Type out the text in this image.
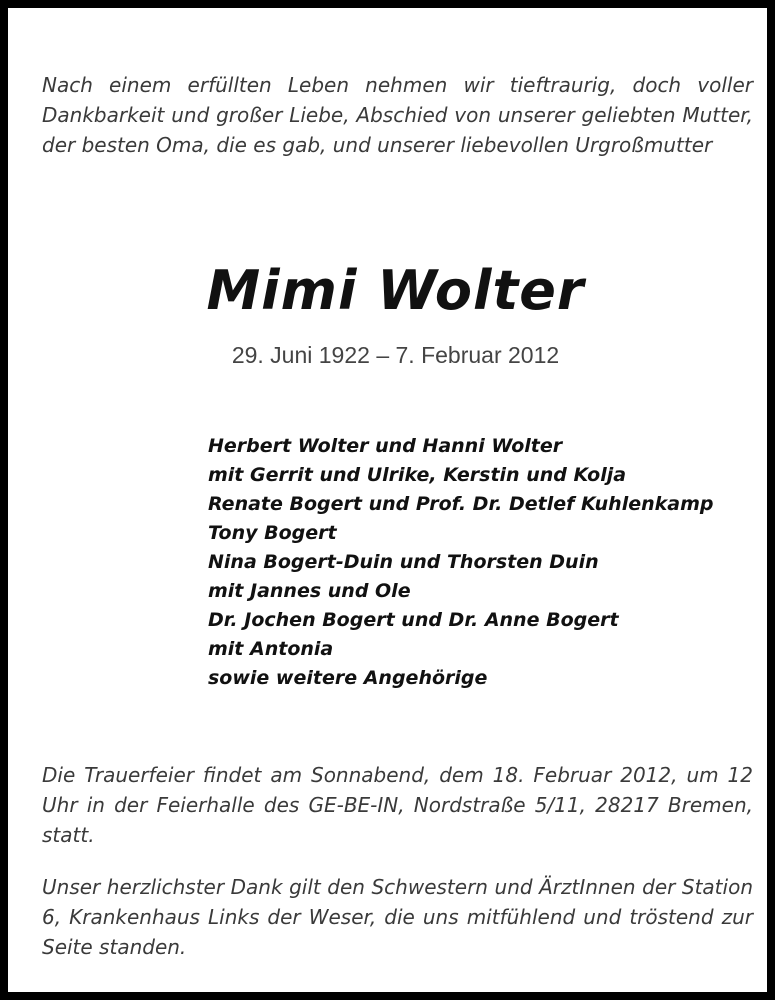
Nach einem erfüllten Leben nehmen wir tieftraurig, doch voller Dankbarkeit und großer Liebe, Abschied von unserer geliebten Mutter, der besten Oma, die es gab, und unserer liebevollen Urgroßmutter

Mimi Wolter

29. Juni 1922 – 7. Februar 2012

Herbert Wolter und Hanni Wolter
mit Gerrit und Ulrike, Kerstin und Kolja
Renate Bogert und Prof. Dr. Detlef Kuhlenkamp
Tony Bogert
Nina Bogert-Duin und Thorsten Duin
mit Jannes und Ole
Dr. Jochen Bogert und Dr. Anne Bogert
mit Antonia
sowie weitere Angehörige

Die Trauerfeier findet am Sonnabend, dem 18. Februar 2012, um 12 Uhr in der Feierhalle des GE-BE-IN, Nordstraße 5/11, 28217 Bremen, statt.

Unser herzlichster Dank gilt den Schwestern und ÄrztInnen der Station 6, Krankenhaus Links der Weser, die uns mitfühlend und tröstend zur Seite standen.
